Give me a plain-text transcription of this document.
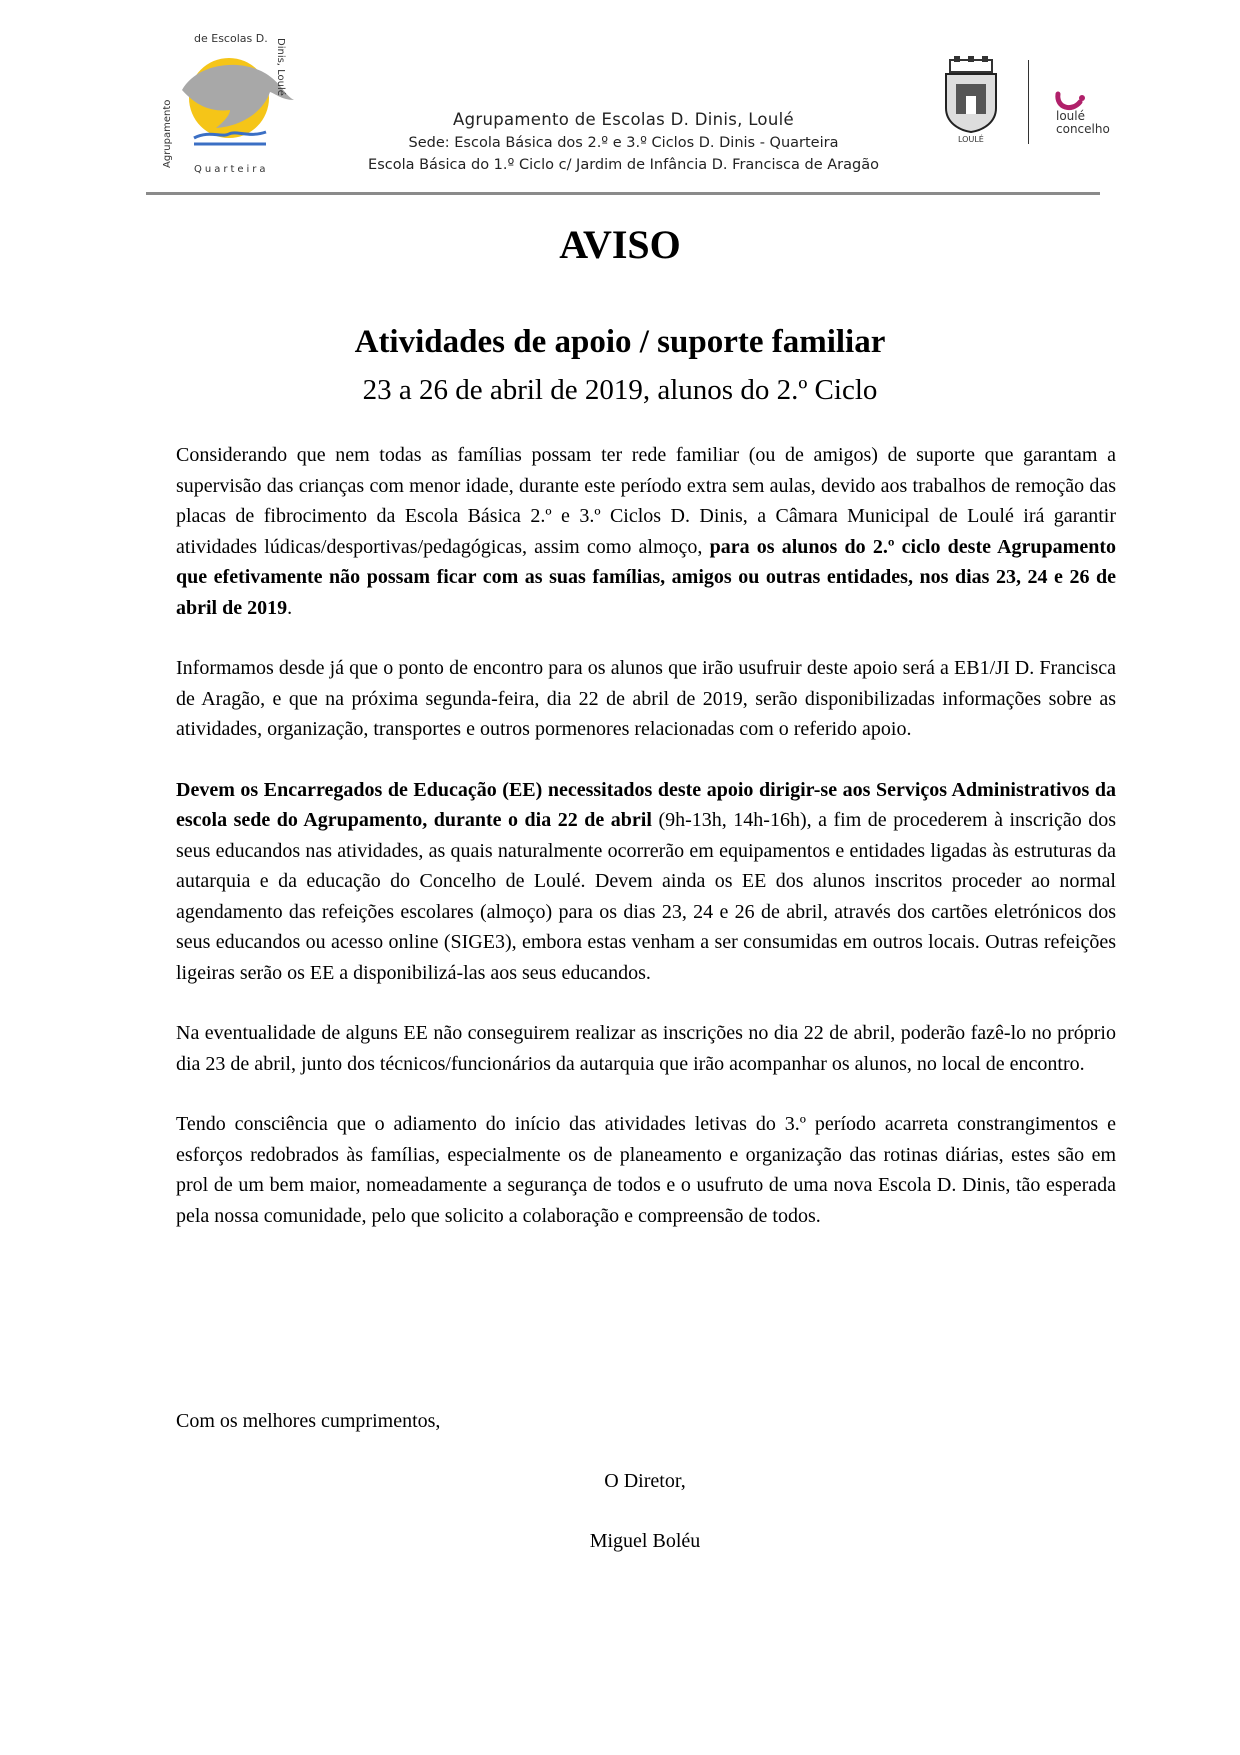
de Escolas D.
Agrupamento
Dinis, Loulé
Quarteira
Agrupamento de Escolas D. Dinis, Loulé
Sede: Escola Básica dos 2.º e 3.º Ciclos D. Dinis - Quarteira
Escola Básica do 1.º Ciclo c/ Jardim de Infância D. Francisca de Aragão
LOULÉ
loulé
concelho
AVISO
Atividades de apoio / suporte familiar
23 a 26 de abril de 2019, alunos do 2.º Ciclo

Considerando que nem todas as famílias possam ter rede familiar (ou de amigos) de suporte que garantam a supervisão das crianças com menor idade, durante este período extra sem aulas, devido aos trabalhos de remoção das placas de fibrocimento da Escola Básica 2.º e 3.º Ciclos D. Dinis, a Câmara Municipal de Loulé irá garantir atividades lúdicas/desportivas/pedagógicas, assim como almoço, para os alunos do 2.º ciclo deste Agrupamento que efetivamente não possam ficar com as suas famílias, amigos ou outras entidades, nos dias 23, 24 e 26 de abril de 2019.

Informamos desde já que o ponto de encontro para os alunos que irão usufruir deste apoio será a EB1/JI D. Francisca de Aragão, e que na próxima segunda-feira, dia 22 de abril de 2019, serão disponibilizadas informações sobre as atividades, organização, transportes e outros pormenores relacionadas com o referido apoio.

Devem os Encarregados de Educação (EE) necessitados deste apoio dirigir-se aos Serviços Administrativos da escola sede do Agrupamento, durante o dia 22 de abril (9h-13h, 14h-16h), a fim de procederem à inscrição dos seus educandos nas atividades, as quais naturalmente ocorrerão em equipamentos e entidades ligadas às estruturas da autarquia e da educação do Concelho de Loulé. Devem ainda os EE dos alunos inscritos proceder ao normal agendamento das refeições escolares (almoço) para os dias 23, 24 e 26 de abril, através dos cartões eletrónicos dos seus educandos ou acesso online (SIGE3), embora estas venham a ser consumidas em outros locais. Outras refeições ligeiras serão os EE a disponibilizá-las aos seus educandos.

Na eventualidade de alguns EE não conseguirem realizar as inscrições no dia 22 de abril, poderão fazê-lo no próprio dia 23 de abril, junto dos técnicos/funcionários da autarquia que irão acompanhar os alunos, no local de encontro.

Tendo consciência que o adiamento do início das atividades letivas do 3.º período acarreta constrangimentos e esforços redobrados às famílias, especialmente os de planeamento e organização das rotinas diárias, estes são em prol de um bem maior, nomeadamente a segurança de todos e o usufruto de uma nova Escola D. Dinis, tão esperada pela nossa comunidade, pelo que solicito a colaboração e compreensão de todos.

Com os melhores cumprimentos,
O Diretor,
Miguel Boléu
